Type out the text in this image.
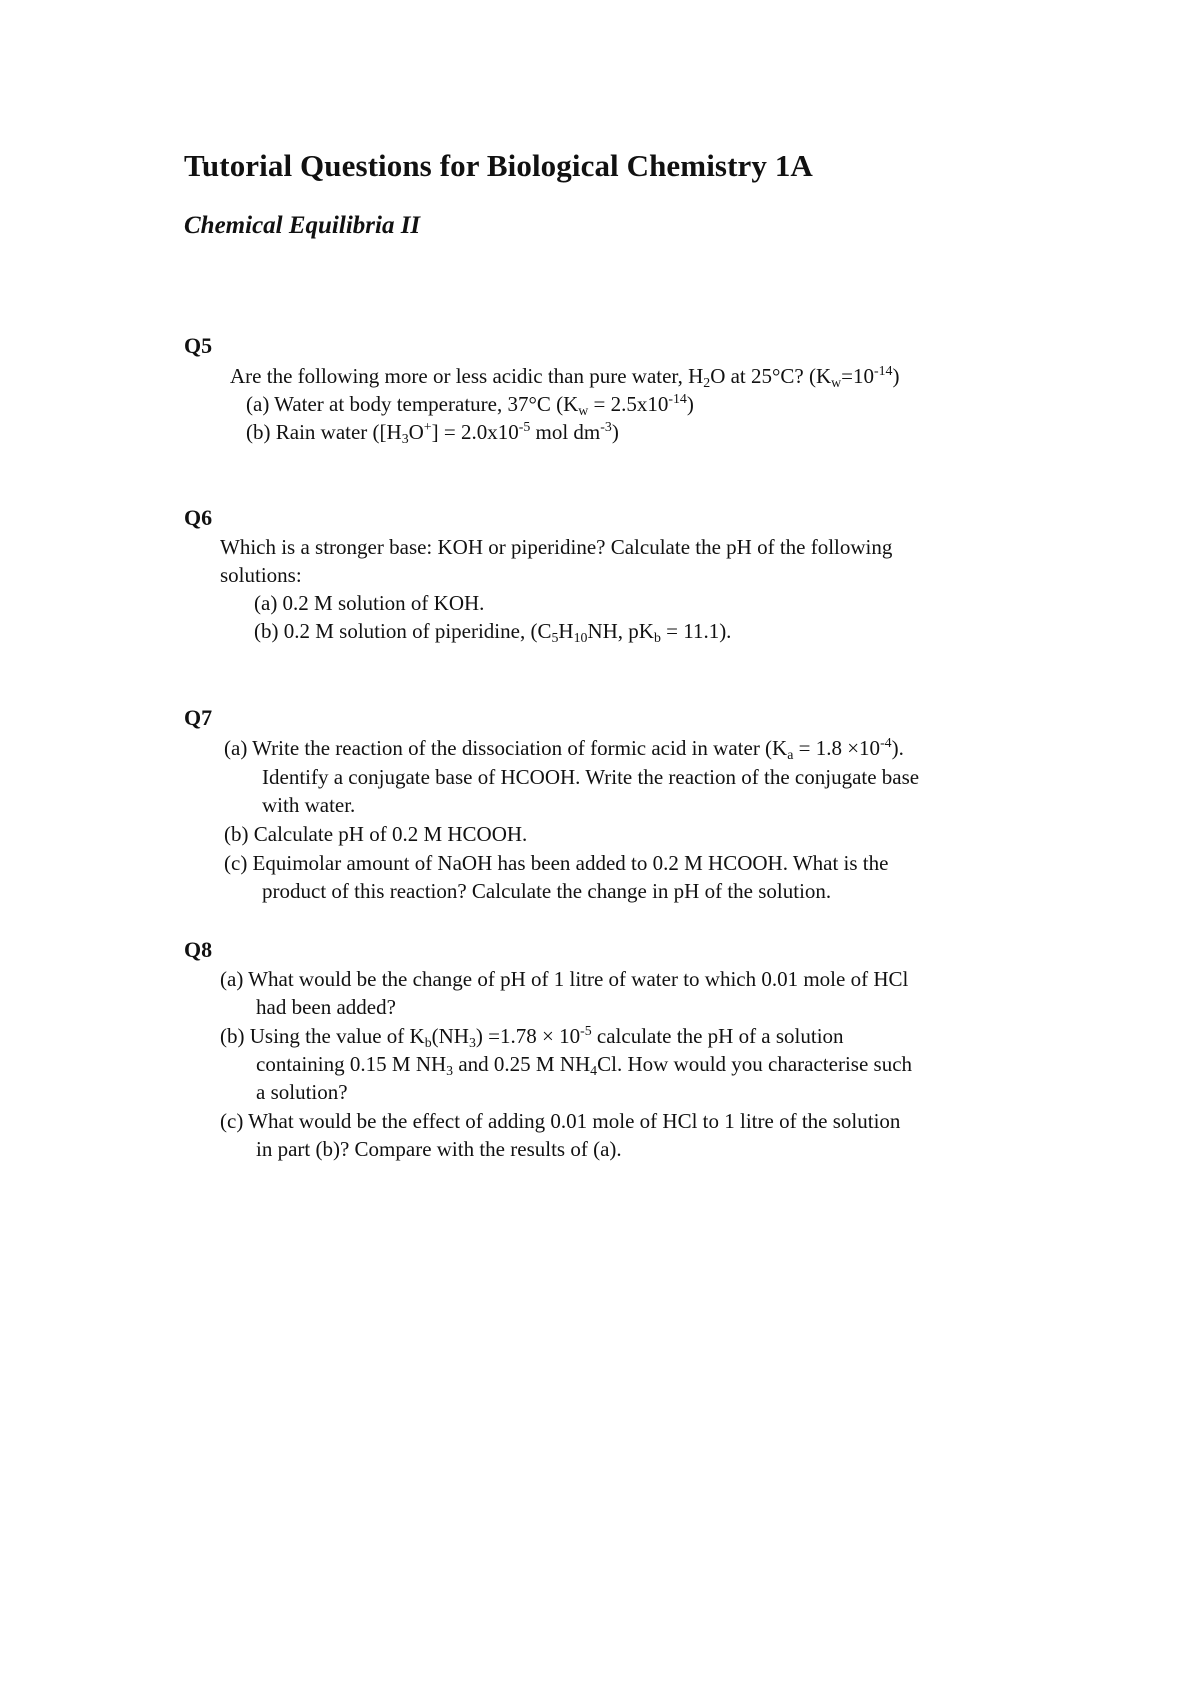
Tutorial Questions for Biological Chemistry 1A
Chemical Equilibria II
Q5
Are the following more or less acidic than pure water, $H_2O$ at 25°C? $(K_w=10^{-14})$
(a) Water at body temperature, 37°C $(K_w = 2.5x10^{-14})$
(b) Rain water ($[H_3O^+] = 2.0x10^{-5}$ mol $dm^{-3}$)
Q6
Which is a stronger base: KOH or piperidine? Calculate the pH of the following
solutions:
(a) 0.2 M solution of KOH.
(b) 0.2 M solution of piperidine, ($C_5H_{10}NH$, $pK_b = 11.1$).
Q7
(a) Write the reaction of the dissociation of formic acid in water $(K_a = 1.8 \times 10^{-4})$.
Identify a conjugate base of HCOOH. Write the reaction of the conjugate base
with water.
(b) Calculate pH of 0.2 M HCOOH.
(c) Equimolar amount of NaOH has been added to 0.2 M HCOOH. What is the
product of this reaction? Calculate the change in pH of the solution.
Q8
(a) What would be the change of pH of 1 litre of water to which 0.01 mole of HCl
had been added?
(b) Using the value of $K_b(NH_3) =1.78 \times 10^{-5}$ calculate the pH of a solution
containing 0.15 M $NH_3$ and 0.25 M $NH_4Cl$. How would you characterise such
a solution?
(c) What would be the effect of adding 0.01 mole of HCl to 1 litre of the solution
in part (b)? Compare with the results of (a).
